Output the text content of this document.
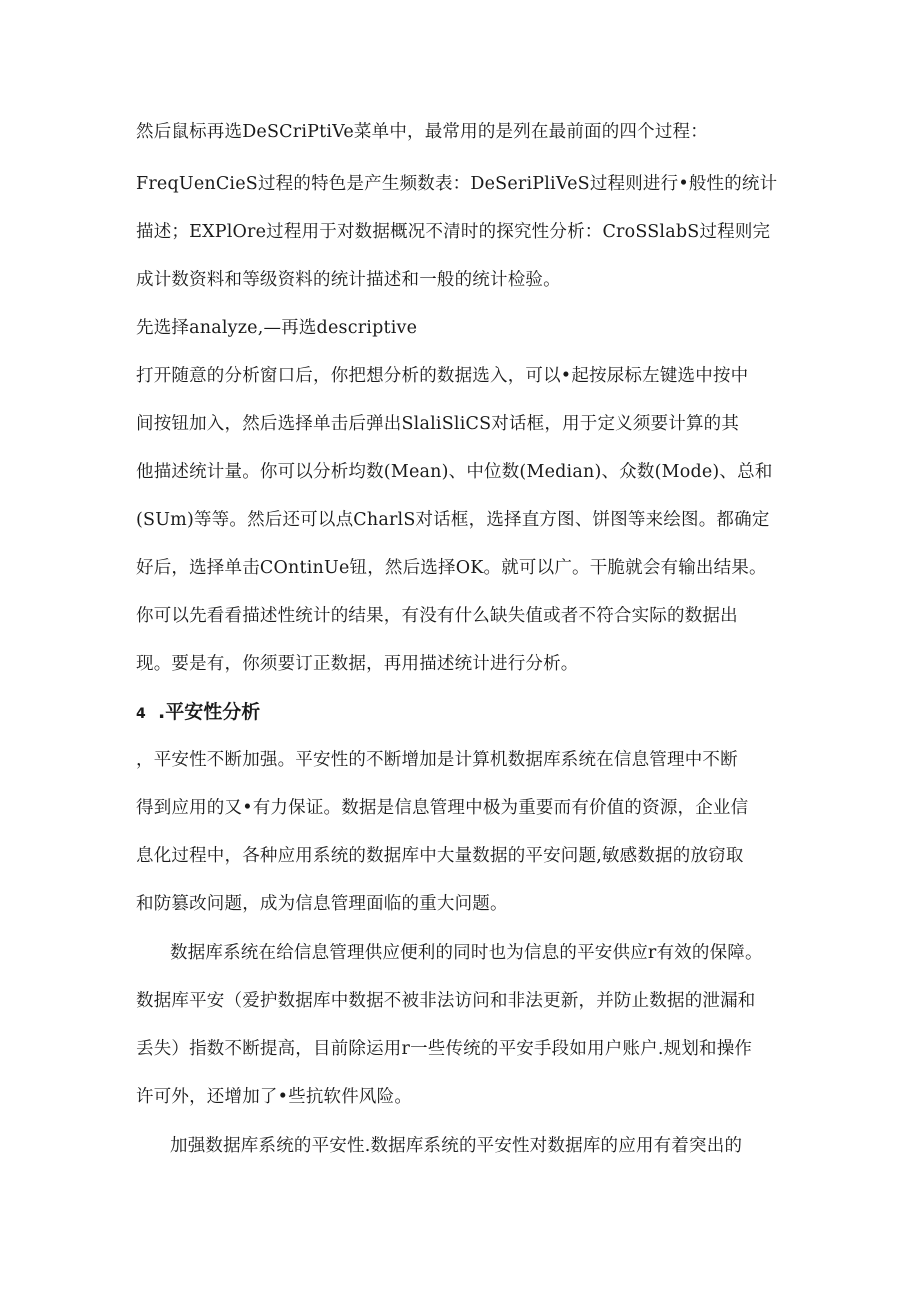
然后鼠标再选DeSCriPtiVe菜单中，最常用的是列在最前面的四个过程：
FreqUenCieS过程的特色是产生频数表：DeSeriPliVeS过程则进行•般性的统计
描述；EXPlOre过程用于对数据概况不清时的探究性分析：CroSSlabS过程则完
成计数资料和等级资料的统计描述和一般的统计检验。
先选择analyze,—再选descriptive
打开随意的分析窗口后，你把想分析的数据选入，可以•起按尿标左键选中按中
间按钮加入，然后选择单击后弹出SlaliSliCS对话框，用于定义须要计算的其
他描述统计量。你可以分析均数(Mean)、中位数(Median)、众数(Mode)、总和
(SUm)等等。然后还可以点CharlS对话框，选择直方图、饼图等来绘图。都确定
好后，选择单击COntinUe钮，然后选择OK。就可以广。干脆就会有输出结果。
你可以先看看描述性统计的结果，有没有什么缺失值或者不符合实际的数据出
现。要是有，你须要订正数据，再用描述统计进行分析。
4 .平安性分析
，平安性不断加强。平安性的不断增加是计算机数据库系统在信息管理中不断
得到应用的又•有力保证。数据是信息管理中极为重要而有价值的资源，企业信
息化过程中，各种应用系统的数据库中大量数据的平安问题,敏感数据的放窃取
和防篡改问题，成为信息管理面临的重大问题。
数据库系统在给信息管理供应便利的同时也为信息的平安供应r有效的保障。
数据库平安（爱护数据库中数据不被非法访问和非法更新，并防止数据的泄漏和
丢失）指数不断提高，目前除运用r一些传统的平安手段如用户账户.规划和操作
许可外，还增加了•些抗软件风险。
加强数据库系统的平安性.数据库系统的平安性对数据库的应用有着突出的
